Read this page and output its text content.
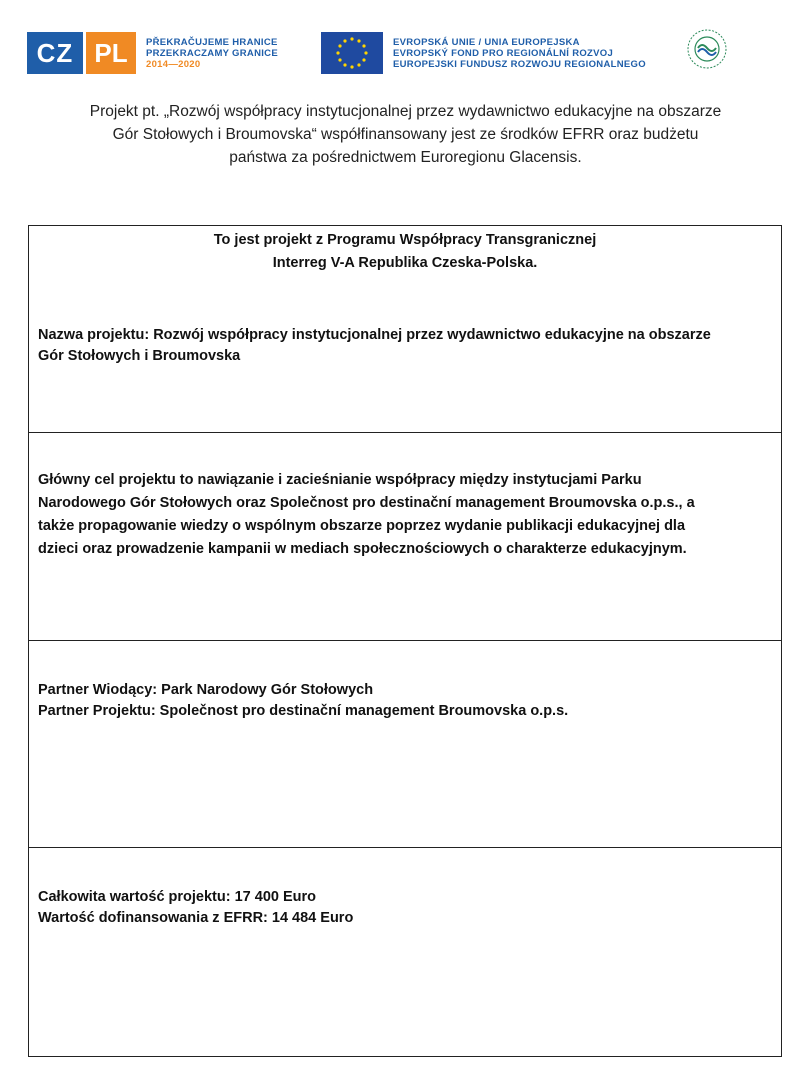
CZ PL	PŘEKRAČUJEME HRANICE
PRZEKRACZAMY GRANICE
2014—2020
EVROPSKÁ UNIE / UNIA EUROPEJSKA
EVROPSKÝ FOND PRO REGIONÁLNÍ ROZVOJ
EUROPEJSKI FUNDUSZ ROZWOJU REGIONALNEGO
Projekt pt. „Rozwój współpracy instytucjonalnej przez wydawnictwo edukacyjne na obszarze
Gór Stołowych i Broumovska“ współfinansowany jest ze środków EFRR oraz budżetu
państwa za pośrednictwem Euroregionu Glacensis.
To jest projekt z Programu Współpracy Transgranicznej
Interreg V-A Republika Czeska-Polska.
Nazwa projektu: Rozwój współpracy instytucjonalnej przez wydawnictwo edukacyjne na obszarze
Gór Stołowych i Broumovska
Główny cel projektu to nawiązanie i zacieśnianie współpracy między instytucjami Parku
Narodowego Gór Stołowych oraz Společnost pro destinační management Broumovska o.p.s., a
także propagowanie wiedzy o wspólnym obszarze poprzez wydanie publikacji edukacyjnej dla
dzieci oraz prowadzenie kampanii w mediach społecznościowych o charakterze edukacyjnym.
Partner Wiodący: Park Narodowy Gór Stołowych
Partner Projektu: Společnost pro destinační management Broumovska o.p.s.
Całkowita wartość projektu: 17 400 Euro
Wartość dofinansowania z EFRR: 14 484 Euro
